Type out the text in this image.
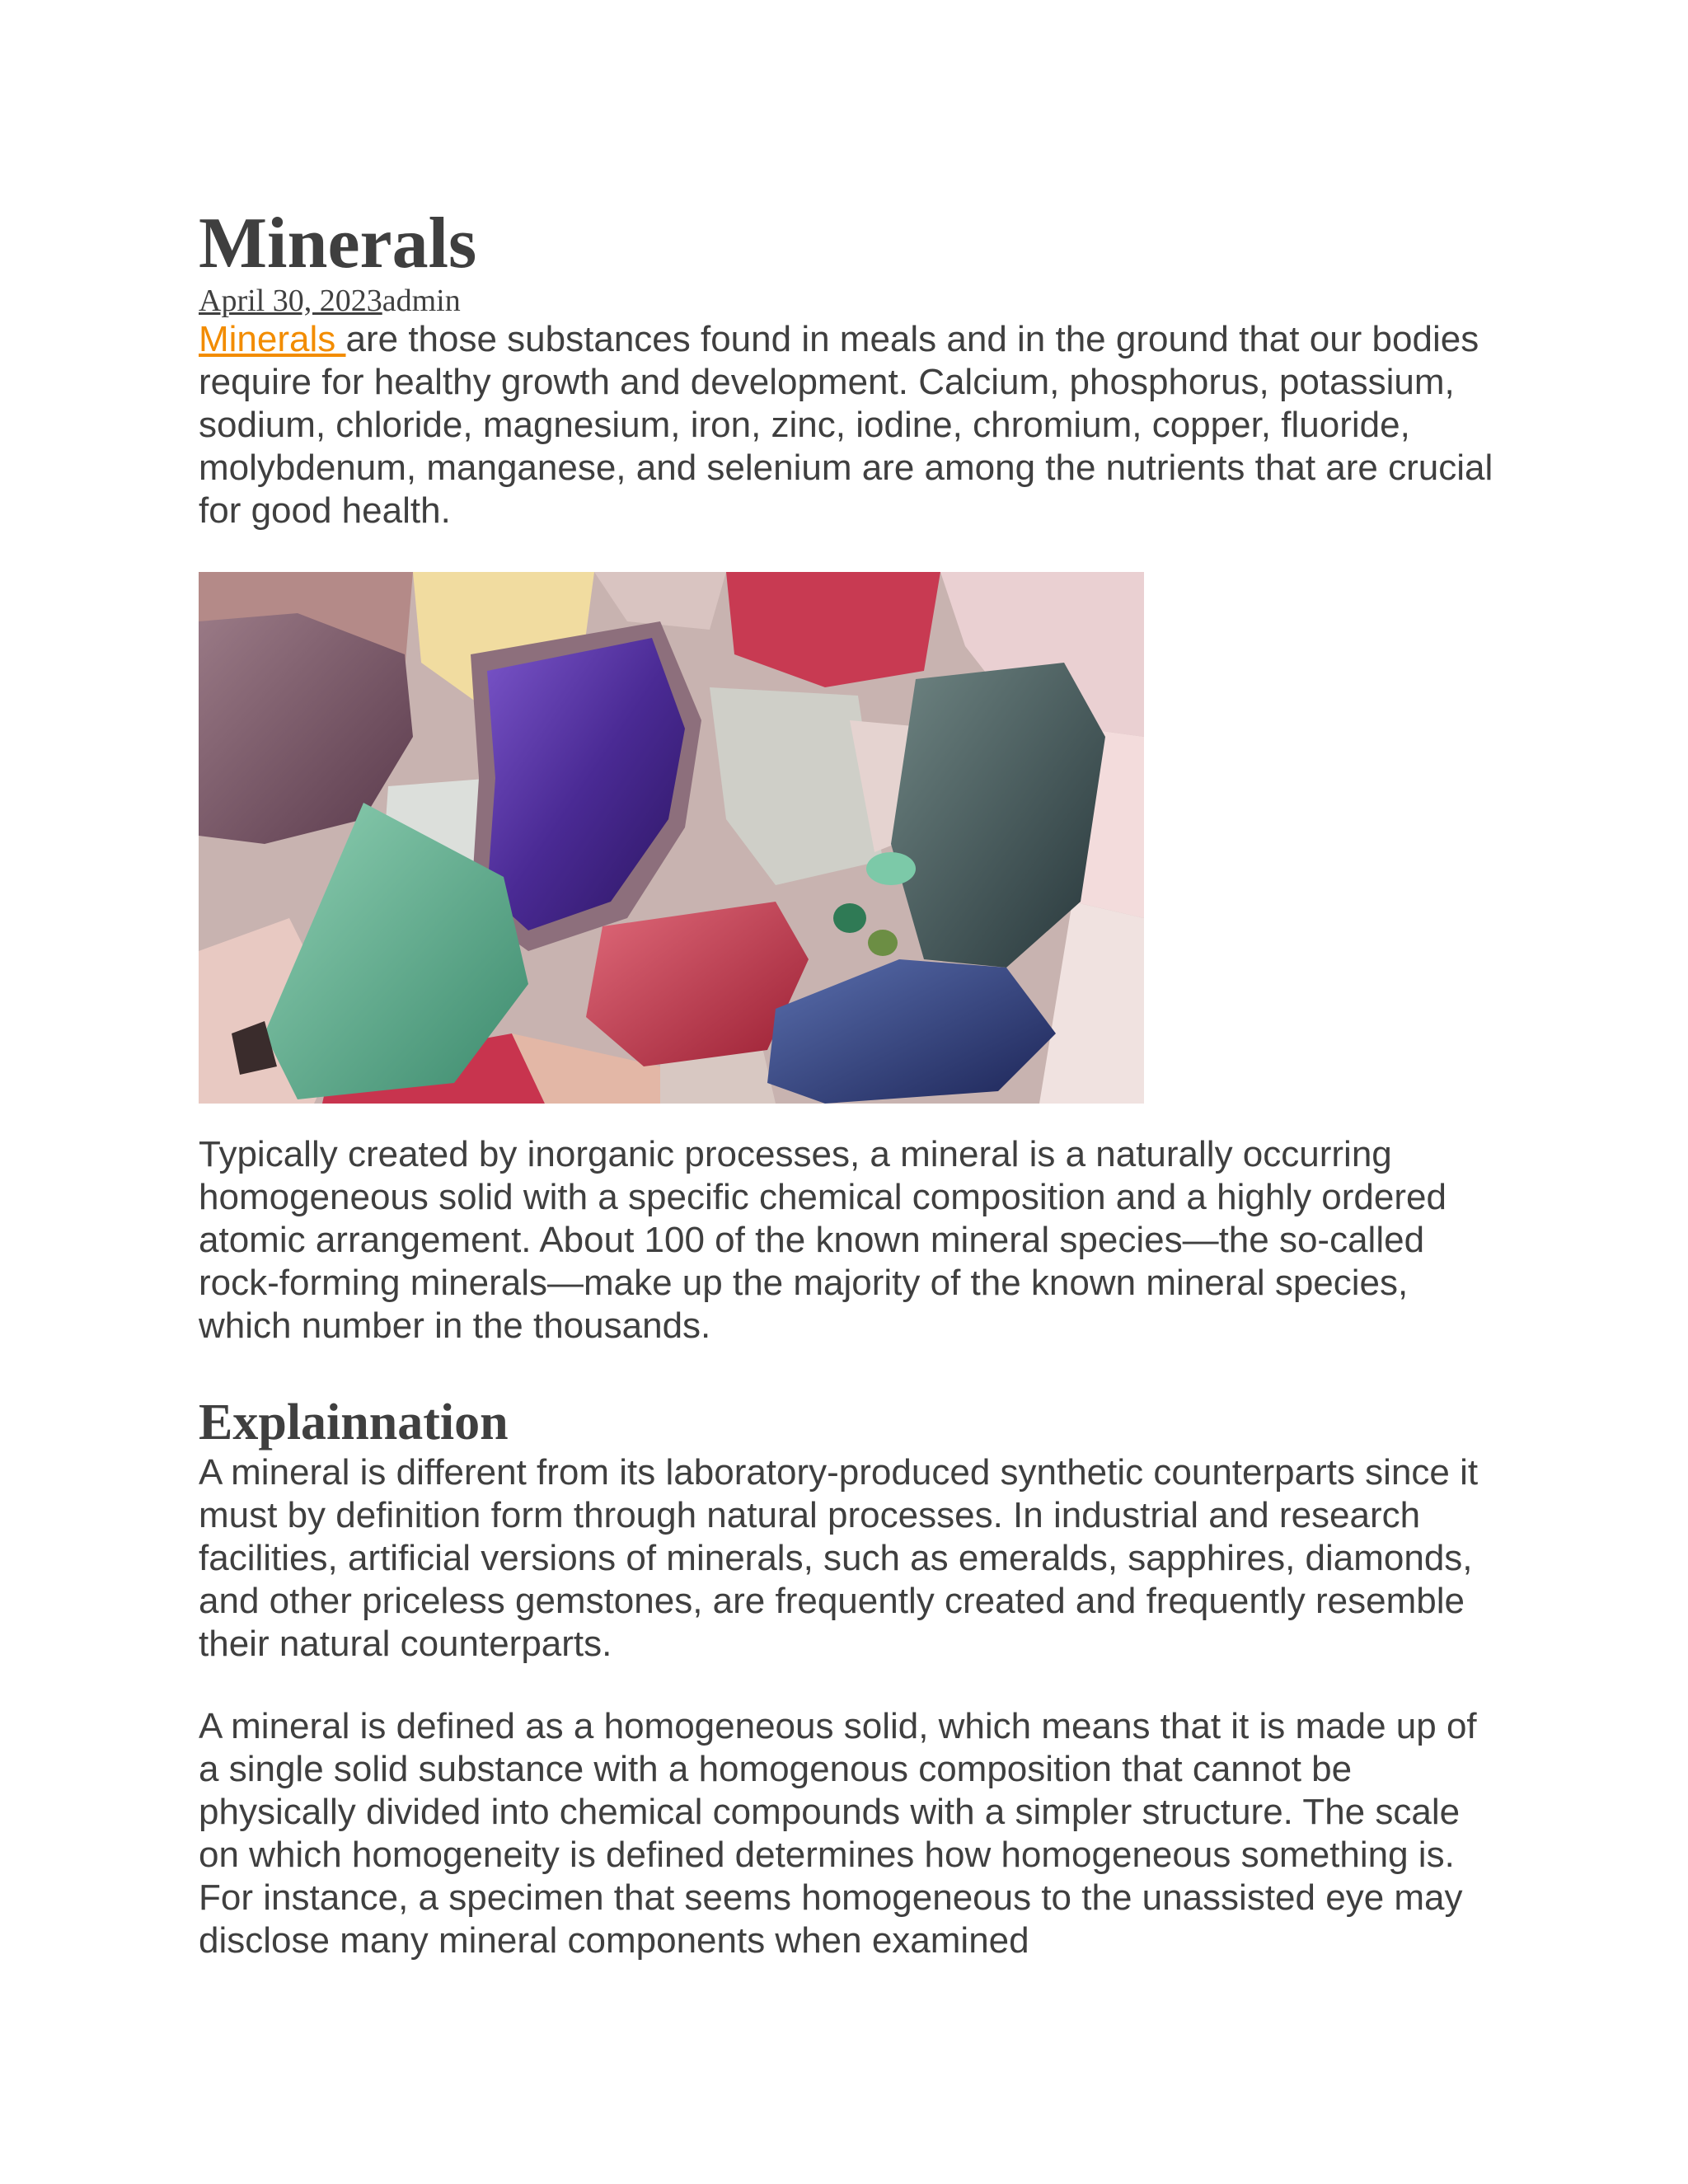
Minerals
April 30, 2023admin

Minerals are those substances found in meals and in the ground that our bodies require for healthy growth and development. Calcium, phosphorus, potassium, sodium, chloride, magnesium, iron, zinc, iodine, chromium, copper, fluoride, molybdenum, manganese, and selenium are among the nutrients that are crucial for good health.

Typically created by inorganic processes, a mineral is a naturally occurring homogeneous solid with a specific chemical composition and a highly ordered atomic arrangement. About 100 of the known mineral species—the so-called rock-forming minerals—make up the majority of the known mineral species, which number in the thousands.

Explainnation

A mineral is different from its laboratory-produced synthetic counterparts since it must by definition form through natural processes. In industrial and research facilities, artificial versions of minerals, such as emeralds, sapphires, diamonds, and other priceless gemstones, are frequently created and frequently resemble their natural counterparts.

A mineral is defined as a homogeneous solid, which means that it is made up of a single solid substance with a homogenous composition that cannot be physically divided into chemical compounds with a simpler structure. The scale on which homogeneity is defined determines how homogeneous something is. For instance, a specimen that seems homogeneous to the unassisted eye may disclose many mineral components when examined
